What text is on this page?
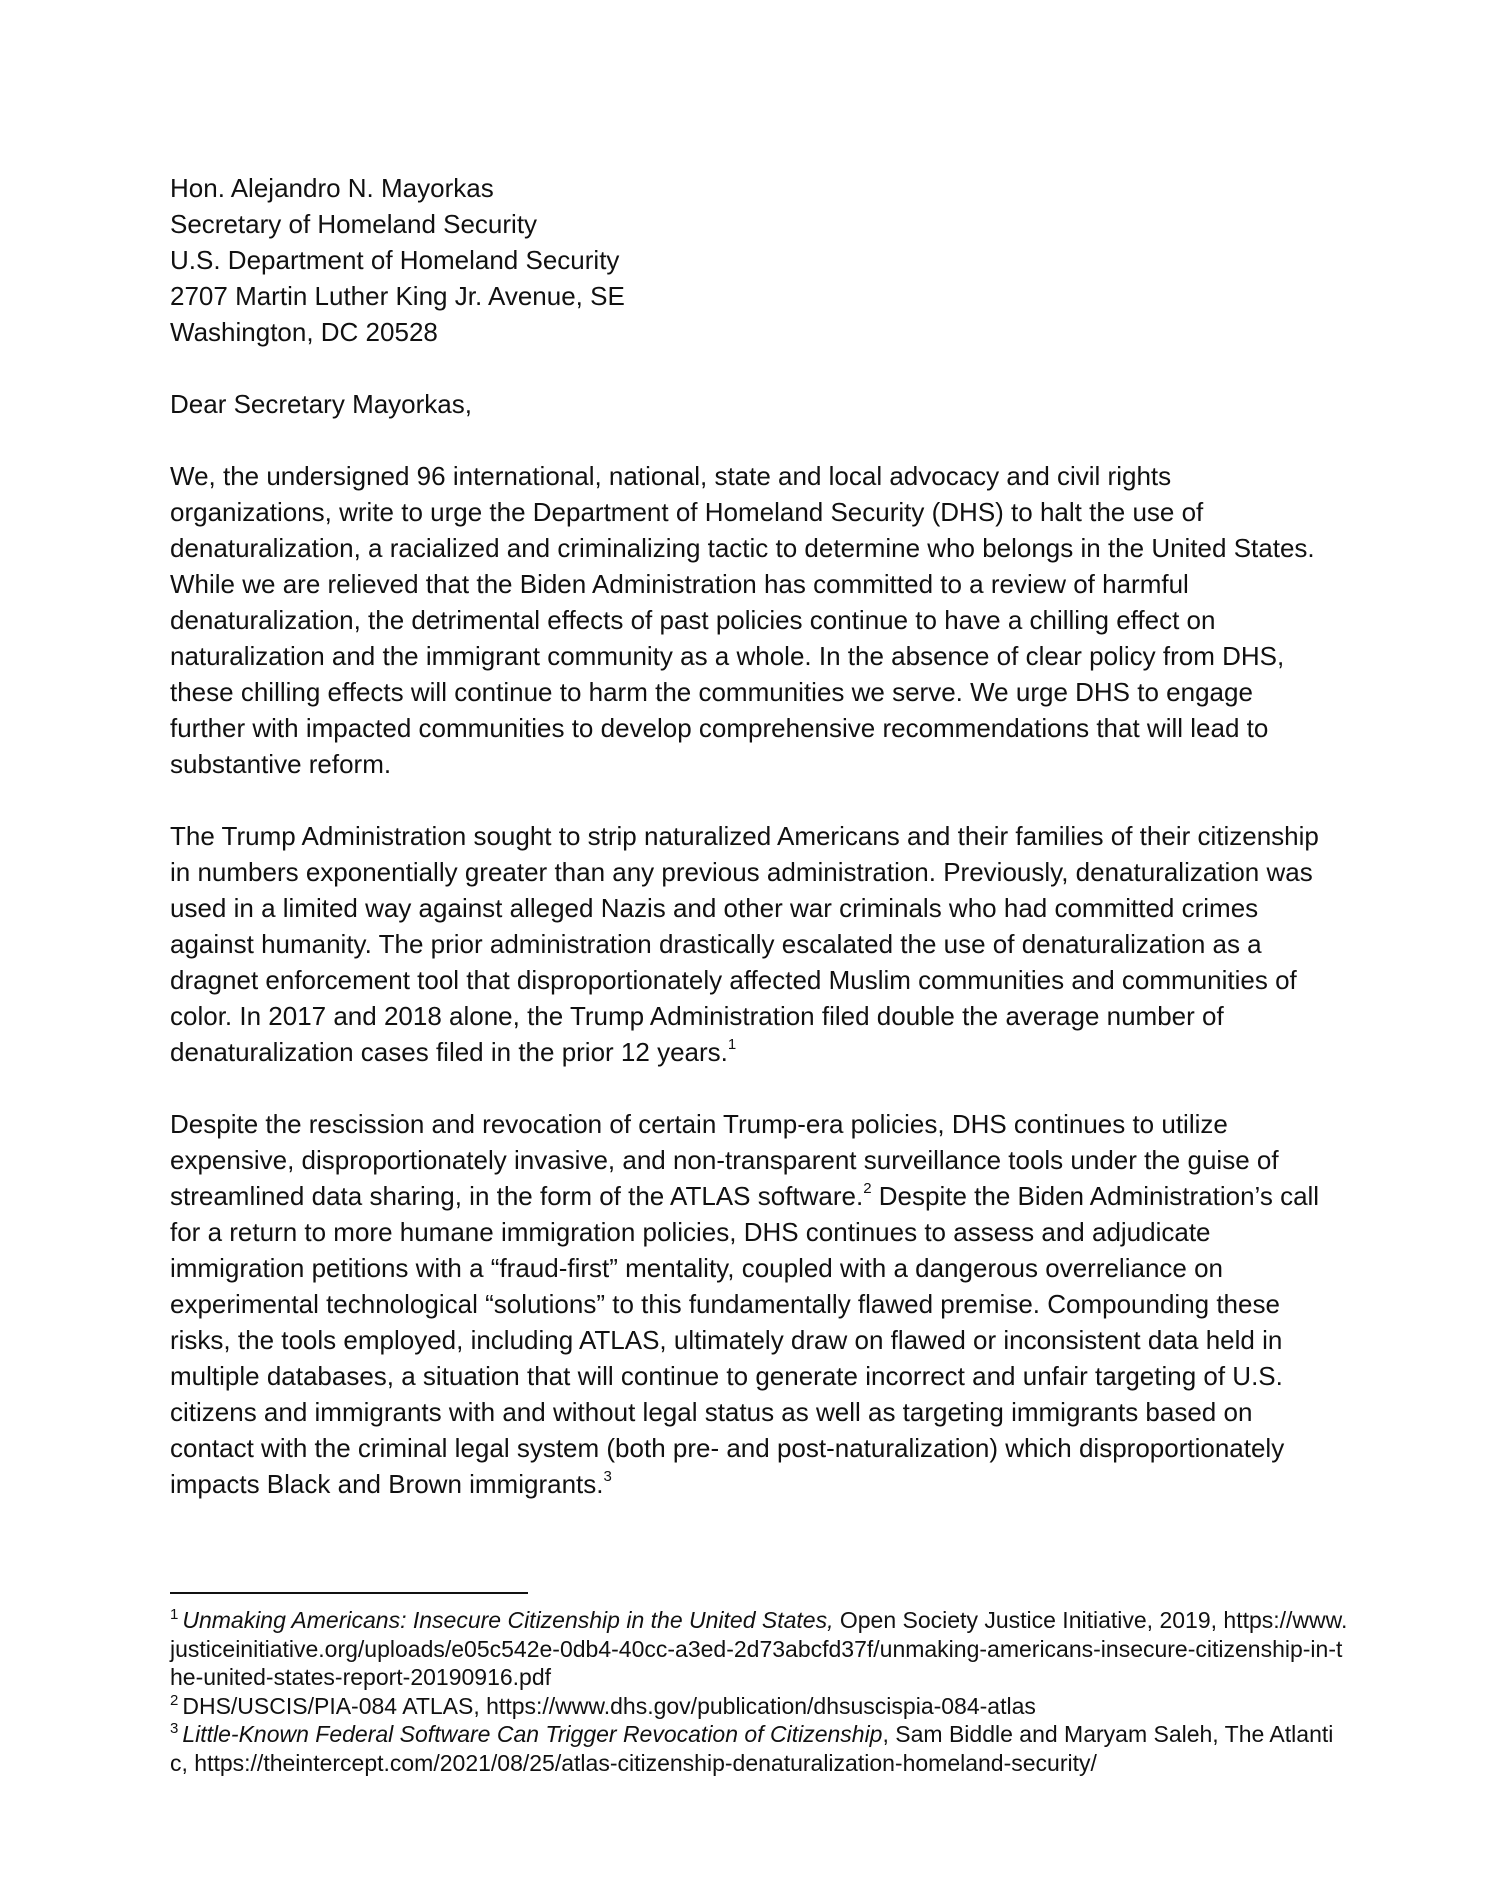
Hon. Alejandro N. Mayorkas
Secretary of Homeland Security
U.S. Department of Homeland Security
2707 Martin Luther King Jr. Avenue, SE
Washington, DC 20528
Dear Secretary Mayorkas,

We, the undersigned 96 international, national, state and local advocacy and civil rights organizations, write to urge the Department of Homeland Security (DHS) to halt the use of denaturalization, a racialized and criminalizing tactic to determine who belongs in the United States. While we are relieved that the Biden Administration has committed to a review of harmful denaturalization, the detrimental effects of past policies continue to have a chilling effect on naturalization and the immigrant community as a whole. In the absence of clear policy from DHS, these chilling effects will continue to harm the communities we serve. We urge DHS to engage further with impacted communities to develop comprehensive recommendations that will lead to substantive reform.

The Trump Administration sought to strip naturalized Americans and their families of their citizenship in numbers exponentially greater than any previous administration. Previously, denaturalization was used in a limited way against alleged Nazis and other war criminals who had committed crimes against humanity. The prior administration drastically escalated the use of denaturalization as a dragnet enforcement tool that disproportionately affected Muslim communities and communities of color. In 2017 and 2018 alone, the Trump Administration filed double the average number of denaturalization cases filed in the prior 12 years.$^1$

Despite the rescission and revocation of certain Trump-era policies, DHS continues to utilize expensive, disproportionately invasive, and non-transparent surveillance tools under the guise of streamlined data sharing, in the form of the ATLAS software.$^2$ Despite the Biden Administration’s call for a return to more humane immigration policies, DHS continues to assess and adjudicate immigration petitions with a “fraud-first” mentality, coupled with a dangerous overreliance on experimental technological “solutions” to this fundamentally flawed premise. Compounding these risks, the tools employed, including ATLAS, ultimately draw on flawed or inconsistent data held in multiple databases, a situation that will continue to generate incorrect and unfair targeting of U.S. citizens and immigrants with and without legal status as well as targeting immigrants based on contact with the criminal legal system (both pre- and post-naturalization) which disproportionately impacts Black and Brown immigrants.$^3$

$^1$ Unmaking Americans: Insecure Citizenship in the United States, Open Society Justice Initiative, 2019, https://www.justiceinitiative.org/uploads/e05c542e-0db4-40cc-a3ed-2d73abcfd37f/unmaking-americans-insecure-citizenship-in-the-united-states-report-20190916.pdf
$^2$ DHS/USCIS/PIA-084 ATLAS, https://www.dhs.gov/publication/dhsuscispia-084-atlas
$^3$ Little-Known Federal Software Can Trigger Revocation of Citizenship, Sam Biddle and Maryam Saleh, The Atlantic, https://theintercept.com/2021/08/25/atlas-citizenship-denaturalization-homeland-security/
